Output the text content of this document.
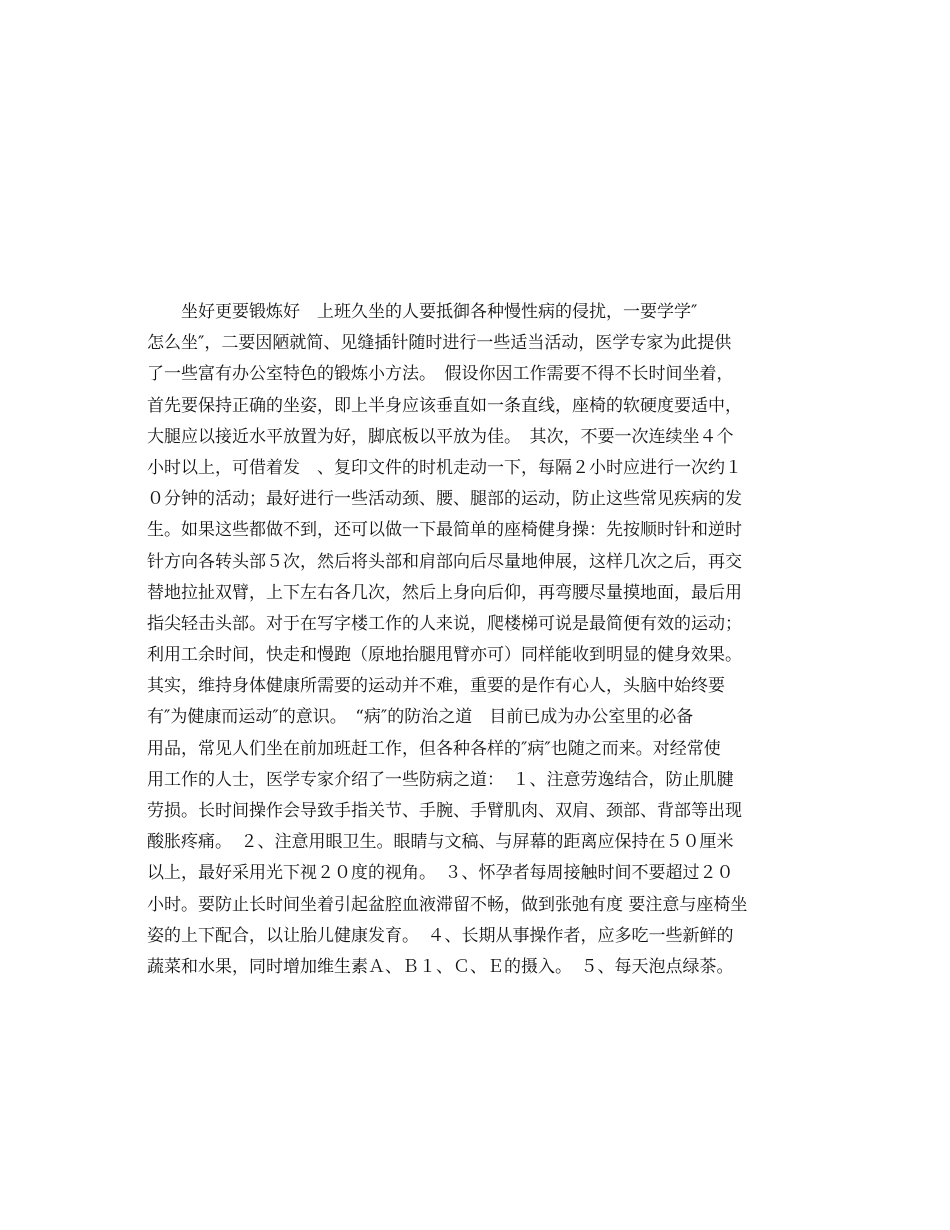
　　坐好更要锻炼好　上班久坐的人要抵御各种慢性病的侵扰，一要学学″
怎么坐″，二要因陋就简、见缝插针随时进行一些适当活动，医学专家为此提供
了一些富有办公室特色的锻炼小方法。　假设你因工作需要不得不长时间坐着，
首先要保持正确的坐姿，即上半身应该垂直如一条直线，座椅的软硬度要适中，
大腿应以接近水平放置为好，脚底板以平放为佳。　其次，不要一次连续坐４个
小时以上，可借着发　、复印文件的时机走动一下，每隔２小时应进行一次约１
０分钟的活动；最好进行一些活动颈、腰、腿部的运动，防止这些常见疾病的发
生。如果这些都做不到，还可以做一下最简单的座椅健身操：先按顺时针和逆时
针方向各转头部５次，然后将头部和肩部向后尽量地伸展，这样几次之后，再交
替地拉扯双臂，上下左右各几次，然后上身向后仰，再弯腰尽量摸地面，最后用
指尖轻击头部。对于在写字楼工作的人来说，爬楼梯可说是最简便有效的运动；
利用工余时间，快走和慢跑（原地抬腿甩臂亦可）同样能收到明显的健身效果。
其实，维持身体健康所需要的运动并不难，重要的是作有心人，头脑中始终要
有″为健康而运动″的意识。　“病″的防治之道　目前已成为办公室里的必备
用品，常见人们坐在前加班赶工作，但各种各样的″病″也随之而来。对经常使
用工作的人士，医学专家介绍了一些防病之道：　１、注意劳逸结合，防止肌腱
劳损。长时间操作会导致手指关节、手腕、手臂肌肉、双肩、颈部、背部等出现
酸胀疼痛。　２、注意用眼卫生。眼睛与文稿、与屏幕的距离应保持在５０厘米
以上，最好采用光下视２０度的视角。　３、怀孕者每周接触时间不要超过２０
小时。要防止长时间坐着引起盆腔血液滞留不畅，做到张弛有度 要注意与座椅坐
姿的上下配合，以让胎儿健康发育。　４、长期从事操作者，应多吃一些新鲜的
蔬菜和水果，同时增加维生素Ａ、Ｂ１、Ｃ、Ｅ的摄入。　５、每天泡点绿茶。
